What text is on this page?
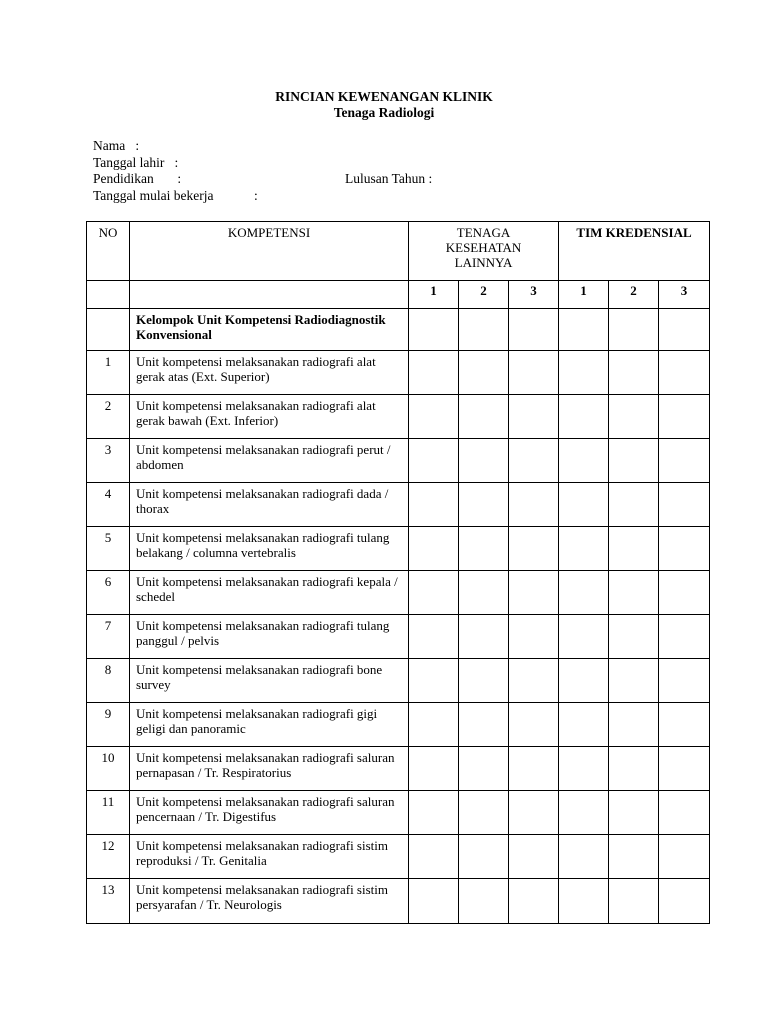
RINCIAN KEWENANGAN KLINIK
Tenaga Radiologi
Nama   :
Tanggal lahir   :
Pendidikan       :	Lulusan Tahun :
Tanggal mulai bekerja            :
NO	KOMPETENSI	TENAGA KESEHATAN LAINNYA			TIM KREDENSIAL		
		1	2	3	1	2	3
	Kelompok Unit Kompetensi Radiodiagnostik Konvensional						
1	Unit kompetensi melaksanakan radiografi alat gerak atas (Ext. Superior)						
2	Unit kompetensi melaksanakan radiografi alat gerak bawah (Ext. Inferior)						
3	Unit kompetensi melaksanakan radiografi perut / abdomen						
4	Unit kompetensi melaksanakan radiografi dada / thorax						
5	Unit kompetensi melaksanakan radiografi tulang belakang / columna vertebralis						
6	Unit kompetensi melaksanakan radiografi kepala / schedel						
7	Unit kompetensi melaksanakan radiografi tulang panggul / pelvis						
8	Unit kompetensi melaksanakan radiografi bone survey						
9	Unit kompetensi melaksanakan radiografi gigi geligi dan panoramic						
10	Unit kompetensi melaksanakan radiografi saluran pernapasan / Tr. Respiratorius						
11	Unit kompetensi melaksanakan radiografi saluran pencernaan / Tr. Digestifus						
12	Unit kompetensi melaksanakan radiografi sistim reproduksi / Tr. Genitalia						
13	Unit kompetensi melaksanakan radiografi sistim persyarafan / Tr. Neurologis						
